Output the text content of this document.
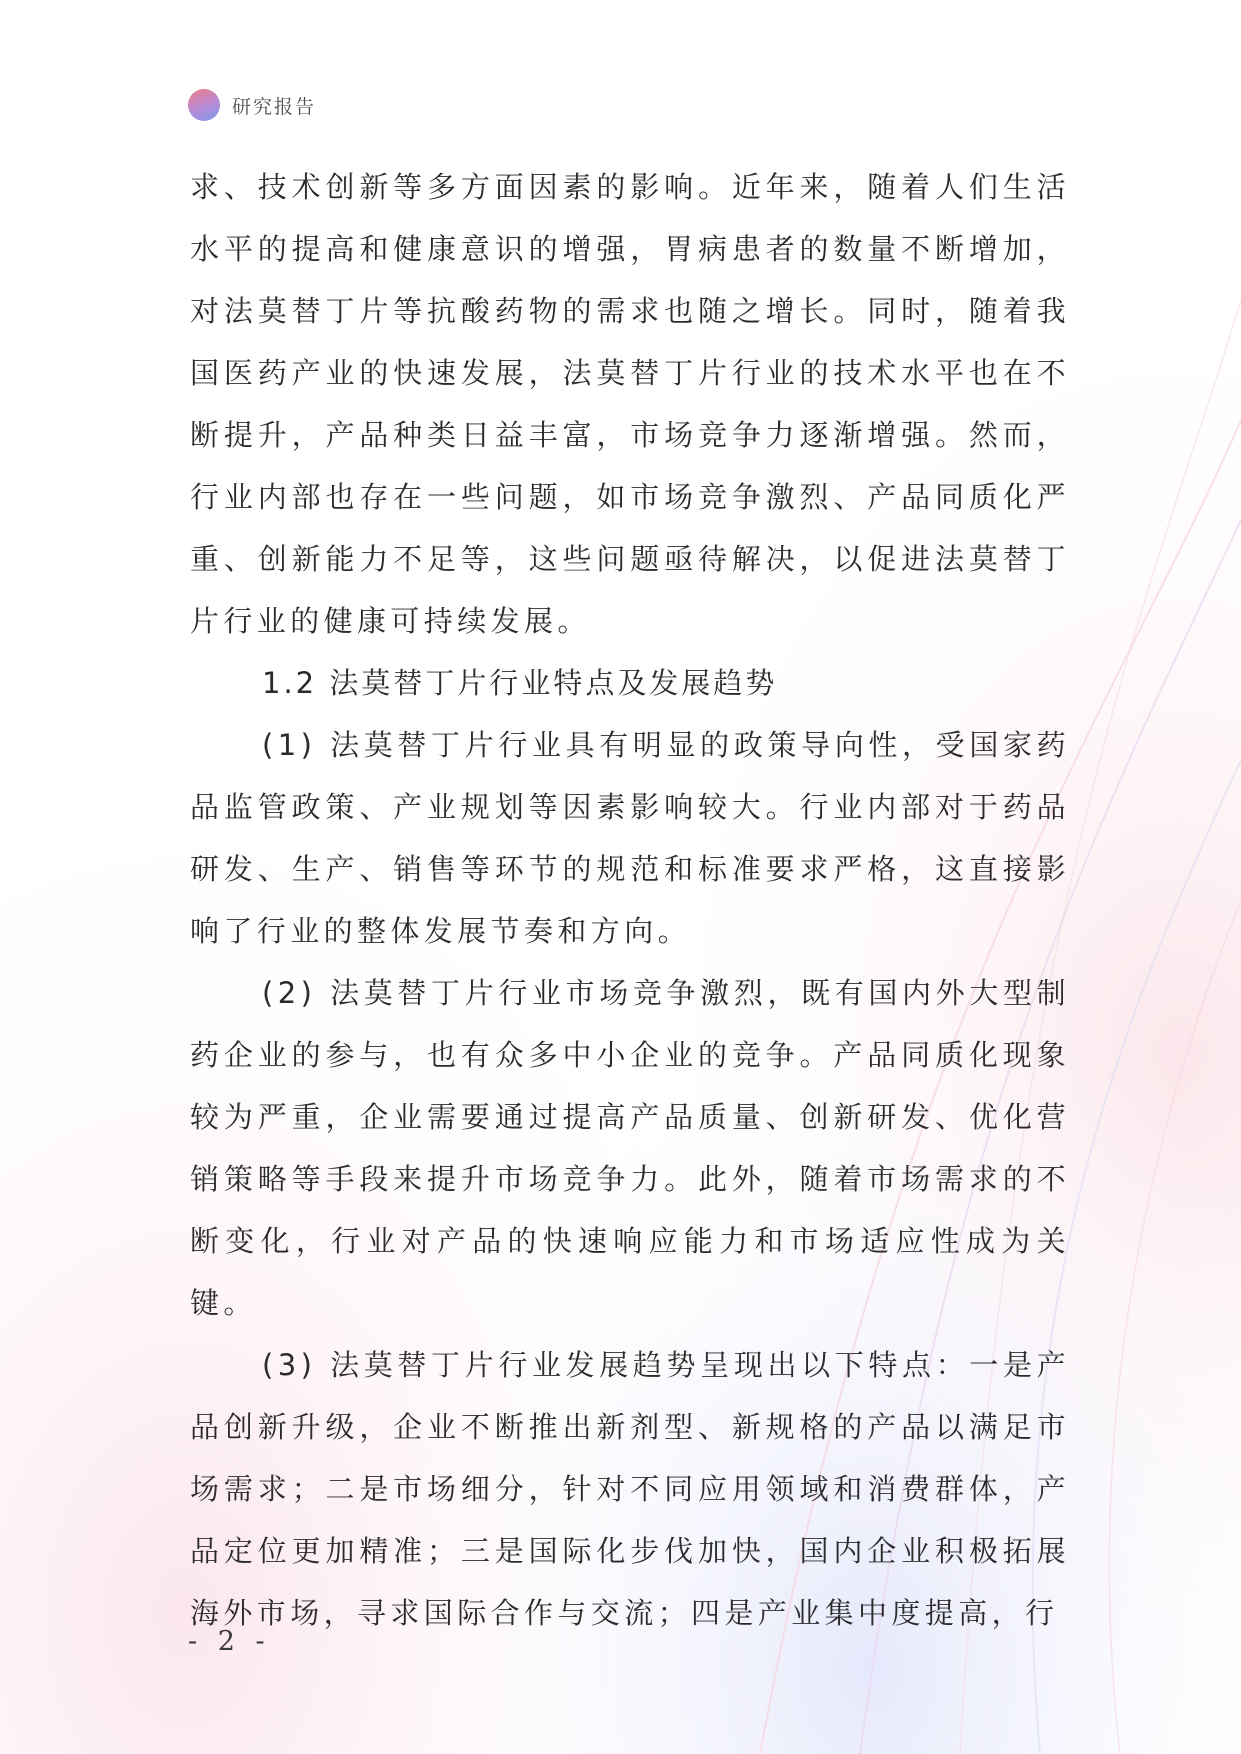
研究报告

求、技术创新等多方面因素的影响。近年来，随着人们生活水平的提高和健康意识的增强，胃病患者的数量不断增加，对法莫替丁片等抗酸药物的需求也随之增长。同时，随着我国医药产业的快速发展，法莫替丁片行业的技术水平也在不断提升，产品种类日益丰富，市场竞争力逐渐增强。然而，行业内部也存在一些问题，如市场竞争激烈、产品同质化严重、创新能力不足等，这些问题亟待解决，以促进法莫替丁片行业的健康可持续发展。

1.2 法莫替丁片行业特点及发展趋势

(1) 法莫替丁片行业具有明显的政策导向性，受国家药品监管政策、产业规划等因素影响较大。行业内部对于药品研发、生产、销售等环节的规范和标准要求严格，这直接影响了行业的整体发展节奏和方向。

(2) 法莫替丁片行业市场竞争激烈，既有国内外大型制药企业的参与，也有众多中小企业的竞争。产品同质化现象较为严重，企业需要通过提高产品质量、创新研发、优化营销策略等手段来提升市场竞争力。此外，随着市场需求的不断变化，行业对产品的快速响应能力和市场适应性成为关键。

(3) 法莫替丁片行业发展趋势呈现出以下特点：一是产品创新升级，企业不断推出新剂型、新规格的产品以满足市场需求；二是市场细分，针对不同应用领域和消费群体，产品定位更加精准；三是国际化步伐加快，国内企业积极拓展海外市场，寻求国际合作与交流；四是产业集中度提高，行

- 2 -
